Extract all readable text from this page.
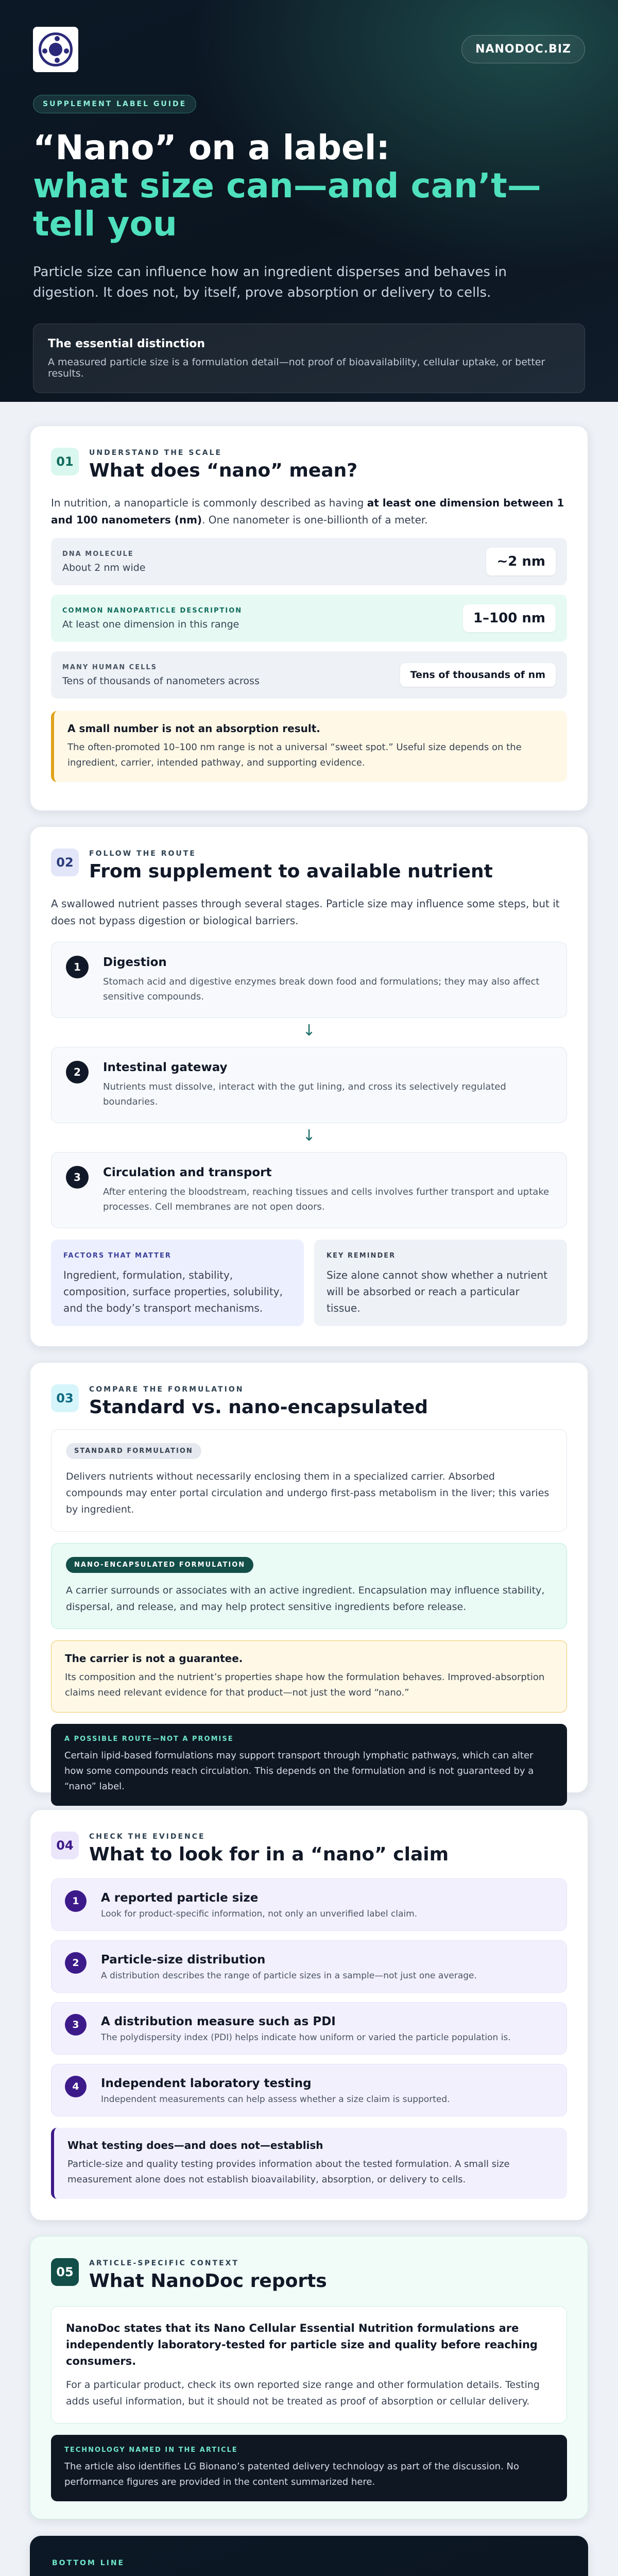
NANODOC.BIZ
SUPPLEMENT LABEL GUIDE
“Nano” on a label:
what size can—and can’t—tell you

Particle size can influence how an ingredient disperses and behaves in digestion. It does not, by itself, prove absorption or delivery to cells.

The essential distinction

A measured particle size is a formulation detail—not proof of bioavailability, cellular uptake, or better results.

01
UNDERSTAND THE SCALE
What does “nano” mean?

In nutrition, a nanoparticle is commonly described as having at least one dimension between 1 and 100 nanometers (nm). One nanometer is one-billionth of a meter.

DNA MOLECULE
About 2 nm wide	~2 nm
COMMON NANOPARTICLE DESCRIPTION
At least one dimension in this range	1–100 nm
MANY HUMAN CELLS
Tens of thousands of nanometers across
Tens of thousands of nm
A small number is not an absorption result.

The often-promoted 10–100 nm range is not a universal “sweet spot.” Useful size depends on the ingredient, carrier, intended pathway, and supporting evidence.

02
FOLLOW THE ROUTE
From supplement to available nutrient

A swallowed nutrient passes through several stages. Particle size may influence some steps, but it does not bypass digestion or biological barriers.

1	Digestion

Stomach acid and digestive enzymes break down food and formulations; they may also affect sensitive compounds.

↓
2	Intestinal gateway

Nutrients must dissolve, interact with the gut lining, and cross its selectively regulated boundaries.

↓
3	Circulation and transport

After entering the bloodstream, reaching tissues and cells involves further transport and uptake processes. Cell membranes are not open doors.

FACTORS THAT MATTER

Ingredient, formulation, stability, composition, surface properties, solubility, and the body’s transport mechanisms.

KEY REMINDER

Size alone cannot show whether a nutrient will be absorbed or reach a particular tissue.

03
COMPARE THE FORMULATION
Standard vs. nano-encapsulated
STANDARD FORMULATION

Delivers nutrients without necessarily enclosing them in a specialized carrier. Absorbed compounds may enter portal circulation and undergo first-pass metabolism in the liver; this varies by ingredient.

NANO-ENCAPSULATED FORMULATION

A carrier surrounds or associates with an active ingredient. Encapsulation may influence stability, dispersal, and release, and may help protect sensitive ingredients before release.

The carrier is not a guarantee.

Its composition and the nutrient’s properties shape how the formulation behaves. Improved-absorption claims need relevant evidence for that product—not just the word “nano.”

A POSSIBLE ROUTE—NOT A PROMISE

Certain lipid-based formulations may support transport through lymphatic pathways, which can alter how some compounds reach circulation. This depends on the formulation and is not guaranteed by a “nano” label.

04
CHECK THE EVIDENCE
What to look for in a “nano” claim
1	A reported particle size

Look for product-specific information, not only an unverified label claim.

2	Particle-size distribution

A distribution describes the range of particle sizes in a sample—not just one average.

3	A distribution measure such as PDI

The polydispersity index (PDI) helps indicate how uniform or varied the particle population is.

4	Independent laboratory testing

Independent measurements can help assess whether a size claim is supported.

What testing does—and does not—establish

Particle-size and quality testing provides information about the tested formulation. A small size measurement alone does not establish bioavailability, absorption, or delivery to cells.

05
ARTICLE-SPECIFIC CONTEXT
What NanoDoc reports
NanoDoc states that its Nano Cellular Essential Nutrition formulations are independently laboratory-tested for particle size and quality before reaching consumers.

For a particular product, check its own reported size range and other formulation details. Testing adds useful information, but it should not be treated as proof of absorption or cellular delivery.

TECHNOLOGY NAMED IN THE ARTICLE

The article also identifies LG Bionano’s patented delivery technology as part of the discussion. No performance figures are provided in the content summarized here.

BOTTOM LINE
